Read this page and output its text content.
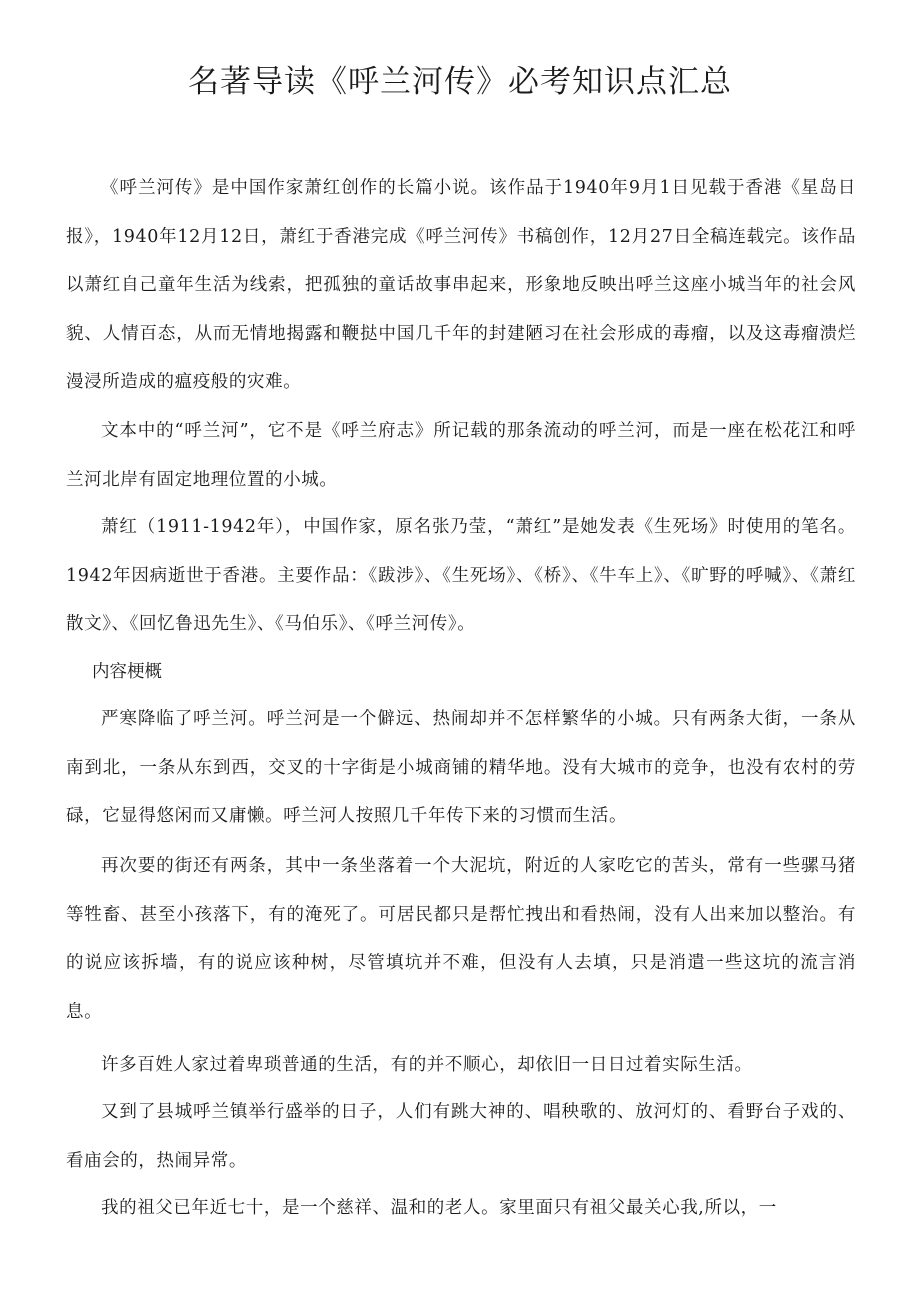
名著导读《呼兰河传》必考知识点汇总

《呼兰河传》是中国作家萧红创作的长篇小说。该作品于1940年9月1日见载于香港《星岛日报》，1940年12月12日，萧红于香港完成《呼兰河传》书稿创作，12月27日全稿连载完。该作品以萧红自己童年生活为线索，把孤独的童话故事串起来，形象地反映出呼兰这座小城当年的社会风貌、人情百态，从而无情地揭露和鞭挞中国几千年的封建陋习在社会形成的毒瘤，以及这毒瘤溃烂漫浸所造成的瘟疫般的灾难。

文本中的“呼兰河”，它不是《呼兰府志》所记载的那条流动的呼兰河，而是一座在松花江和呼兰河北岸有固定地理位置的小城。

萧红（1911-1942年），中国作家，原名张乃莹，“萧红”是她发表《生死场》时使用的笔名。1942年因病逝世于香港。主要作品：《跋涉》、《生死场》、《桥》、《牛车上》、《旷野的呼喊》、《萧红散文》、《回忆鲁迅先生》、《马伯乐》、《呼兰河传》。

内容梗概

严寒降临了呼兰河。呼兰河是一个僻远、热闹却并不怎样繁华的小城。只有两条大街，一条从南到北，一条从东到西，交叉的十字街是小城商铺的精华地。没有大城市的竞争，也没有农村的劳碌，它显得悠闲而又庸懒。呼兰河人按照几千年传下来的习惯而生活。

再次要的街还有两条，其中一条坐落着一个大泥坑，附近的人家吃它的苦头，常有一些骡马猪等牲畜、甚至小孩落下，有的淹死了。可居民都只是帮忙拽出和看热闹，没有人出来加以整治。有的说应该拆墙，有的说应该种树，尽管填坑并不难，但没有人去填，只是消遣一些这坑的流言消息。

许多百姓人家过着卑琐普通的生活，有的并不顺心，却依旧一日日过着实际生活。

又到了县城呼兰镇举行盛举的日子，人们有跳大神的、唱秧歌的、放河灯的、看野台子戏的、看庙会的，热闹异常。

我的祖父已年近七十，是一个慈祥、温和的老人。家里面只有祖父最关心我,所以，一
